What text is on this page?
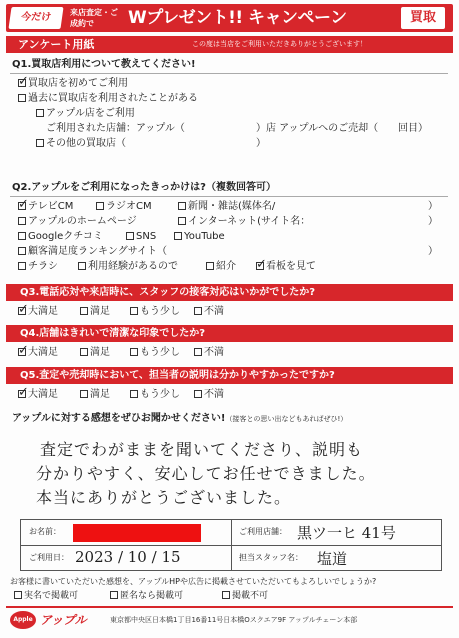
今だけ	来店査定・ご成約で	Wプレゼント!! キャンペーン	買取
アンケート用紙	この度は当店をご利用いただきありがとうございます！
Q1.買取店利用について教えてください!
✓ 買取店を初めてご利用
過去に買取店を利用されたことがある
アップル店をご利用
ご利用された店舗：アップル（	）店 アップルへのご売却（ 回目）
その他の買取店（	）
Q2.アップルをご利用になったきっかけは?（複数回答可）
✓ テレビCM	ラジオCM	新聞・雑誌(媒体名/	）
アップルのホームページ	インターネット(サイト名：	）
Googleクチコミ	SNS	YouTube
顧客満足度ランキングサイト（	）
チラシ	利用経験があるので	紹介 ✓ 看板を見て
Q3.電話応対や来店時に、スタッフの接客対応はいかがでしたか?
✓ 大満足	満足	もう少し	不満
Q4.店舗はきれいで清潔な印象でしたか?
✓ 大満足	満足	もう少し	不満
Q5.査定や売却時において、担当者の説明は分かりやすかったですか?
✓ 大満足	満足	もう少し	不満
アップルに対する感想をぜひお聞かせください!（接客との思い出などもあればぜひ!）
査定でわがままを聞いてくださり、説明も
分かりやすく、安心してお任せできました。
本当にありがとうございました。
お名前：	ご利用店舗： 黒ツ一ヒ 41号
ご利用日： 2023 / 10 / 15	担当スタッフ名： 塩道
お客様に書いていただいた感想を、アップルHPや広告に掲載させていただいてもよろしいでしょうか?
実名で掲載可	匿名なら掲載可	掲載不可
Apple アップル	東京都中央区日本橋1丁目16番11号日本橋Oスクエア9F アップルチェーン本部
